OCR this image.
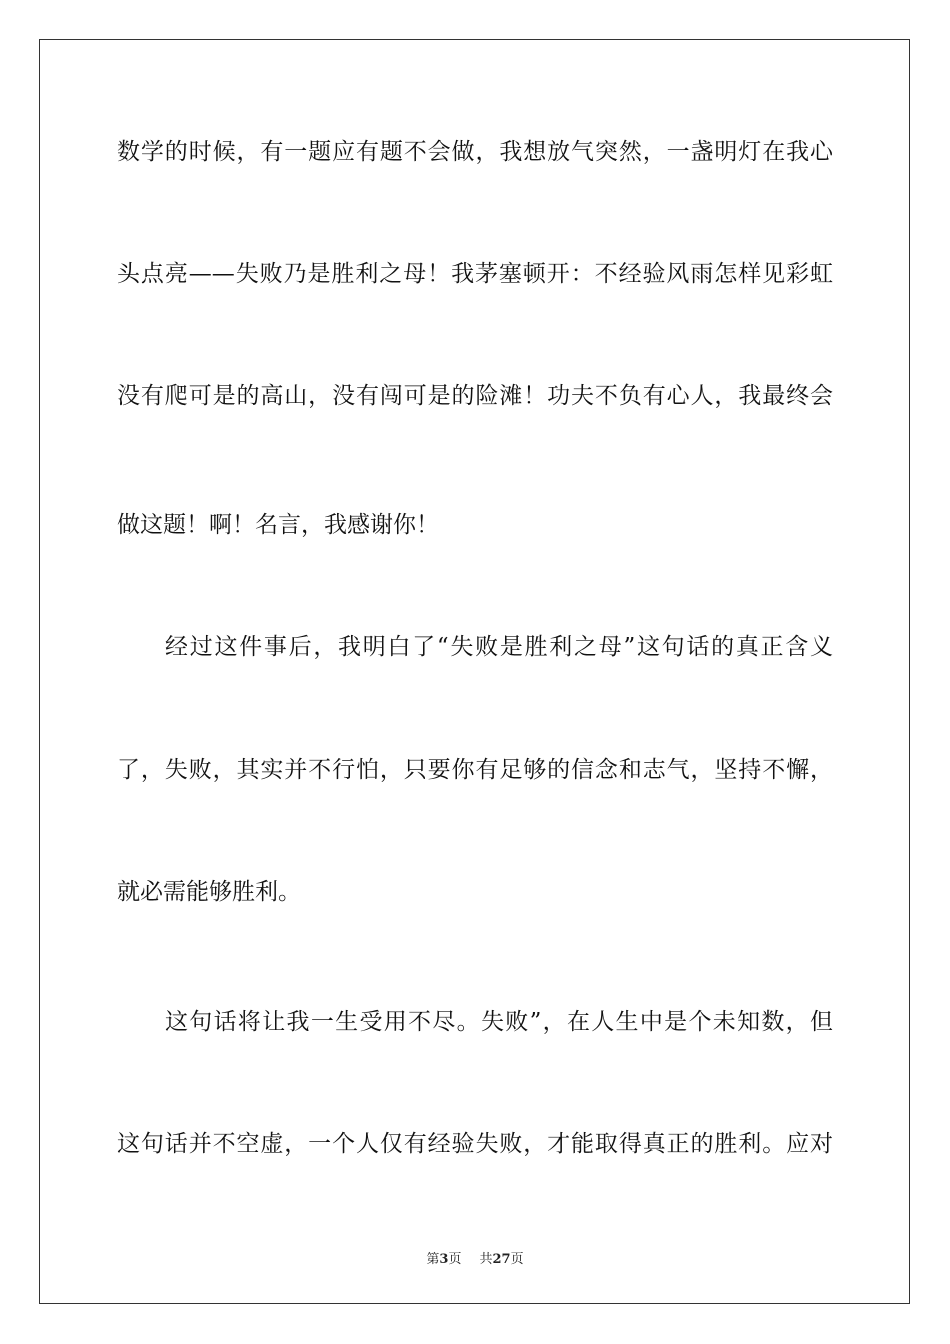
数学的时候，有一题应有题不会做，我想放气突然，一盏明灯在我心
头点亮——失败乃是胜利之母！我茅塞顿开：不经验风雨怎样见彩虹
没有爬可是的高山，没有闯可是的险滩！功夫不负有心人，我最终会
做这题！啊！名言，我感谢你！
经过这件事后，我明白了“失败是胜利之母”这句话的真正含义
了，失败，其实并不行怕，只要你有足够的信念和志气，坚持不懈，
就必需能够胜利。
这句话将让我一生受用不尽。失败”，在人生中是个未知数，但
这句话并不空虚，一个人仅有经验失败，才能取得真正的胜利。应对
第3页 共27页
